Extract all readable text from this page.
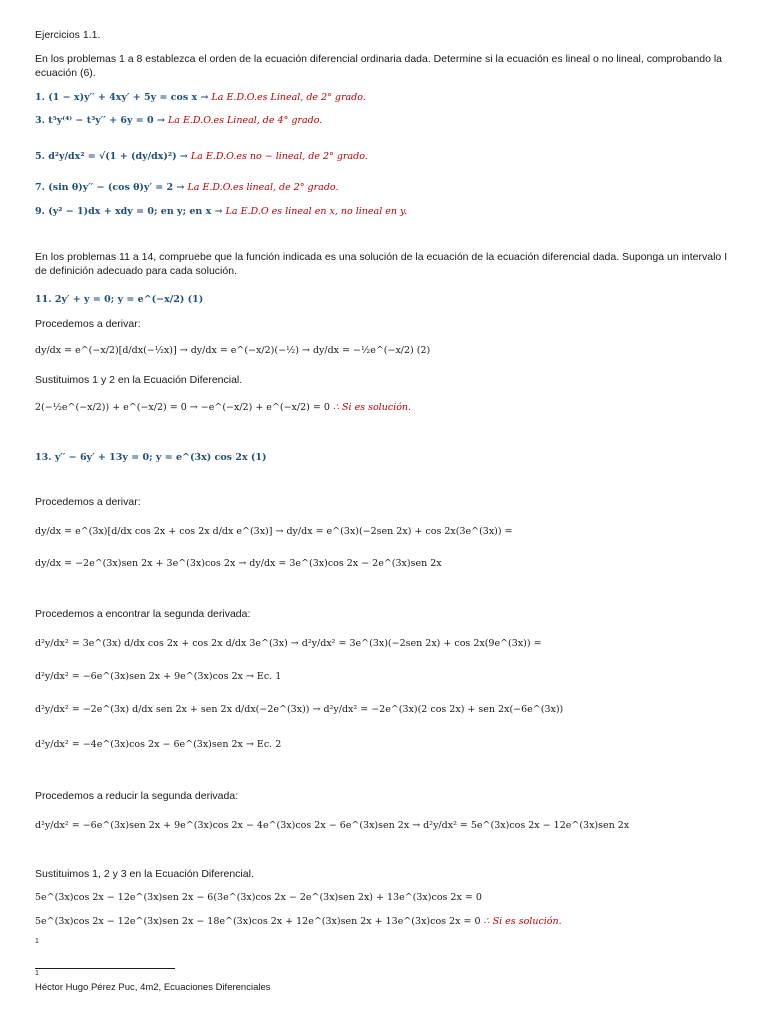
Ejercicios 1.1.
En los problemas 1 a 8 establezca el orden de la ecuación diferencial ordinaria dada. Determine si la ecuación es lineal o no lineal, comprobando la ecuación (6).
1. (1 − x)y′′ + 4xy′ + 5y = cos x → La E.D.O.es Lineal, de 2° grado.
3. t⁵y⁽⁴⁾ − t³y′′ + 6y = 0 → La E.D.O.es Lineal, de 4° grado.
5. d²y/dx² = √(1 + (dy/dx)²) → La E.D.O.es no − lineal, de 2° grado.
7. (sin θ)y′′ − (cos θ)y′ = 2 → La E.D.O.es lineal, de 2° grado.
9. (y² − 1)dx + xdy = 0; en y; en x → La E.D.O es lineal en x, no lineal en y.
En los problemas 11 a 14, compruebe que la función indicada es una solución de la ecuación de la ecuación diferencial dada. Suponga un intervalo I de definición adecuado para cada solución.
11. 2y′ + y = 0; y = e^(−x/2) (1)
Procedemos a derivar:
dy/dx = e^(−x/2)[d/dx(−½x)] → dy/dx = e^(−x/2)(−½) → dy/dx = −½e^(−x/2) (2)
Sustituimos 1 y 2 en la Ecuación Diferencial.
2(−½e^(−x/2)) + e^(−x/2) = 0 → −e^(−x/2) + e^(−x/2) = 0 ∴ Si es solución.
13. y′′ − 6y′ + 13y = 0; y = e^(3x) cos 2x (1)
Procedemos a derivar:
dy/dx = e^(3x)[d/dx cos 2x + cos 2x d/dx e^(3x)] → dy/dx = e^(3x)(−2sen 2x) + cos 2x(3e^(3x)) =
dy/dx = −2e^(3x)sen 2x + 3e^(3x)cos 2x → dy/dx = 3e^(3x)cos 2x − 2e^(3x)sen 2x
Procedemos a encontrar la segunda derivada:
d²y/dx² = 3e^(3x) d/dx cos 2x + cos 2x d/dx 3e^(3x) → d²y/dx² = 3e^(3x)(−2sen 2x) + cos 2x(9e^(3x)) =
d²y/dx² = −6e^(3x)sen 2x + 9e^(3x)cos 2x → Ec. 1
d²y/dx² = −2e^(3x) d/dx sen 2x + sen 2x d/dx(−2e^(3x)) → d²y/dx² = −2e^(3x)(2 cos 2x) + sen 2x(−6e^(3x))
d²y/dx² = −4e^(3x)cos 2x − 6e^(3x)sen 2x → Ec. 2
Procedemos a reducir la segunda derivada:
d²y/dx² = −6e^(3x)sen 2x + 9e^(3x)cos 2x − 4e^(3x)cos 2x − 6e^(3x)sen 2x → d²y/dx² = 5e^(3x)cos 2x − 12e^(3x)sen 2x
Sustituimos 1, 2 y 3 en la Ecuación Diferencial.
5e^(3x)cos 2x − 12e^(3x)sen 2x − 6(3e^(3x)cos 2x − 2e^(3x)sen 2x) + 13e^(3x)cos 2x = 0
5e^(3x)cos 2x − 12e^(3x)sen 2x − 18e^(3x)cos 2x + 12e^(3x)sen 2x + 13e^(3x)cos 2x = 0 ∴ Si es solución.
1
1
Héctor Hugo Pérez Puc, 4m2, Ecuaciones Diferenciales
